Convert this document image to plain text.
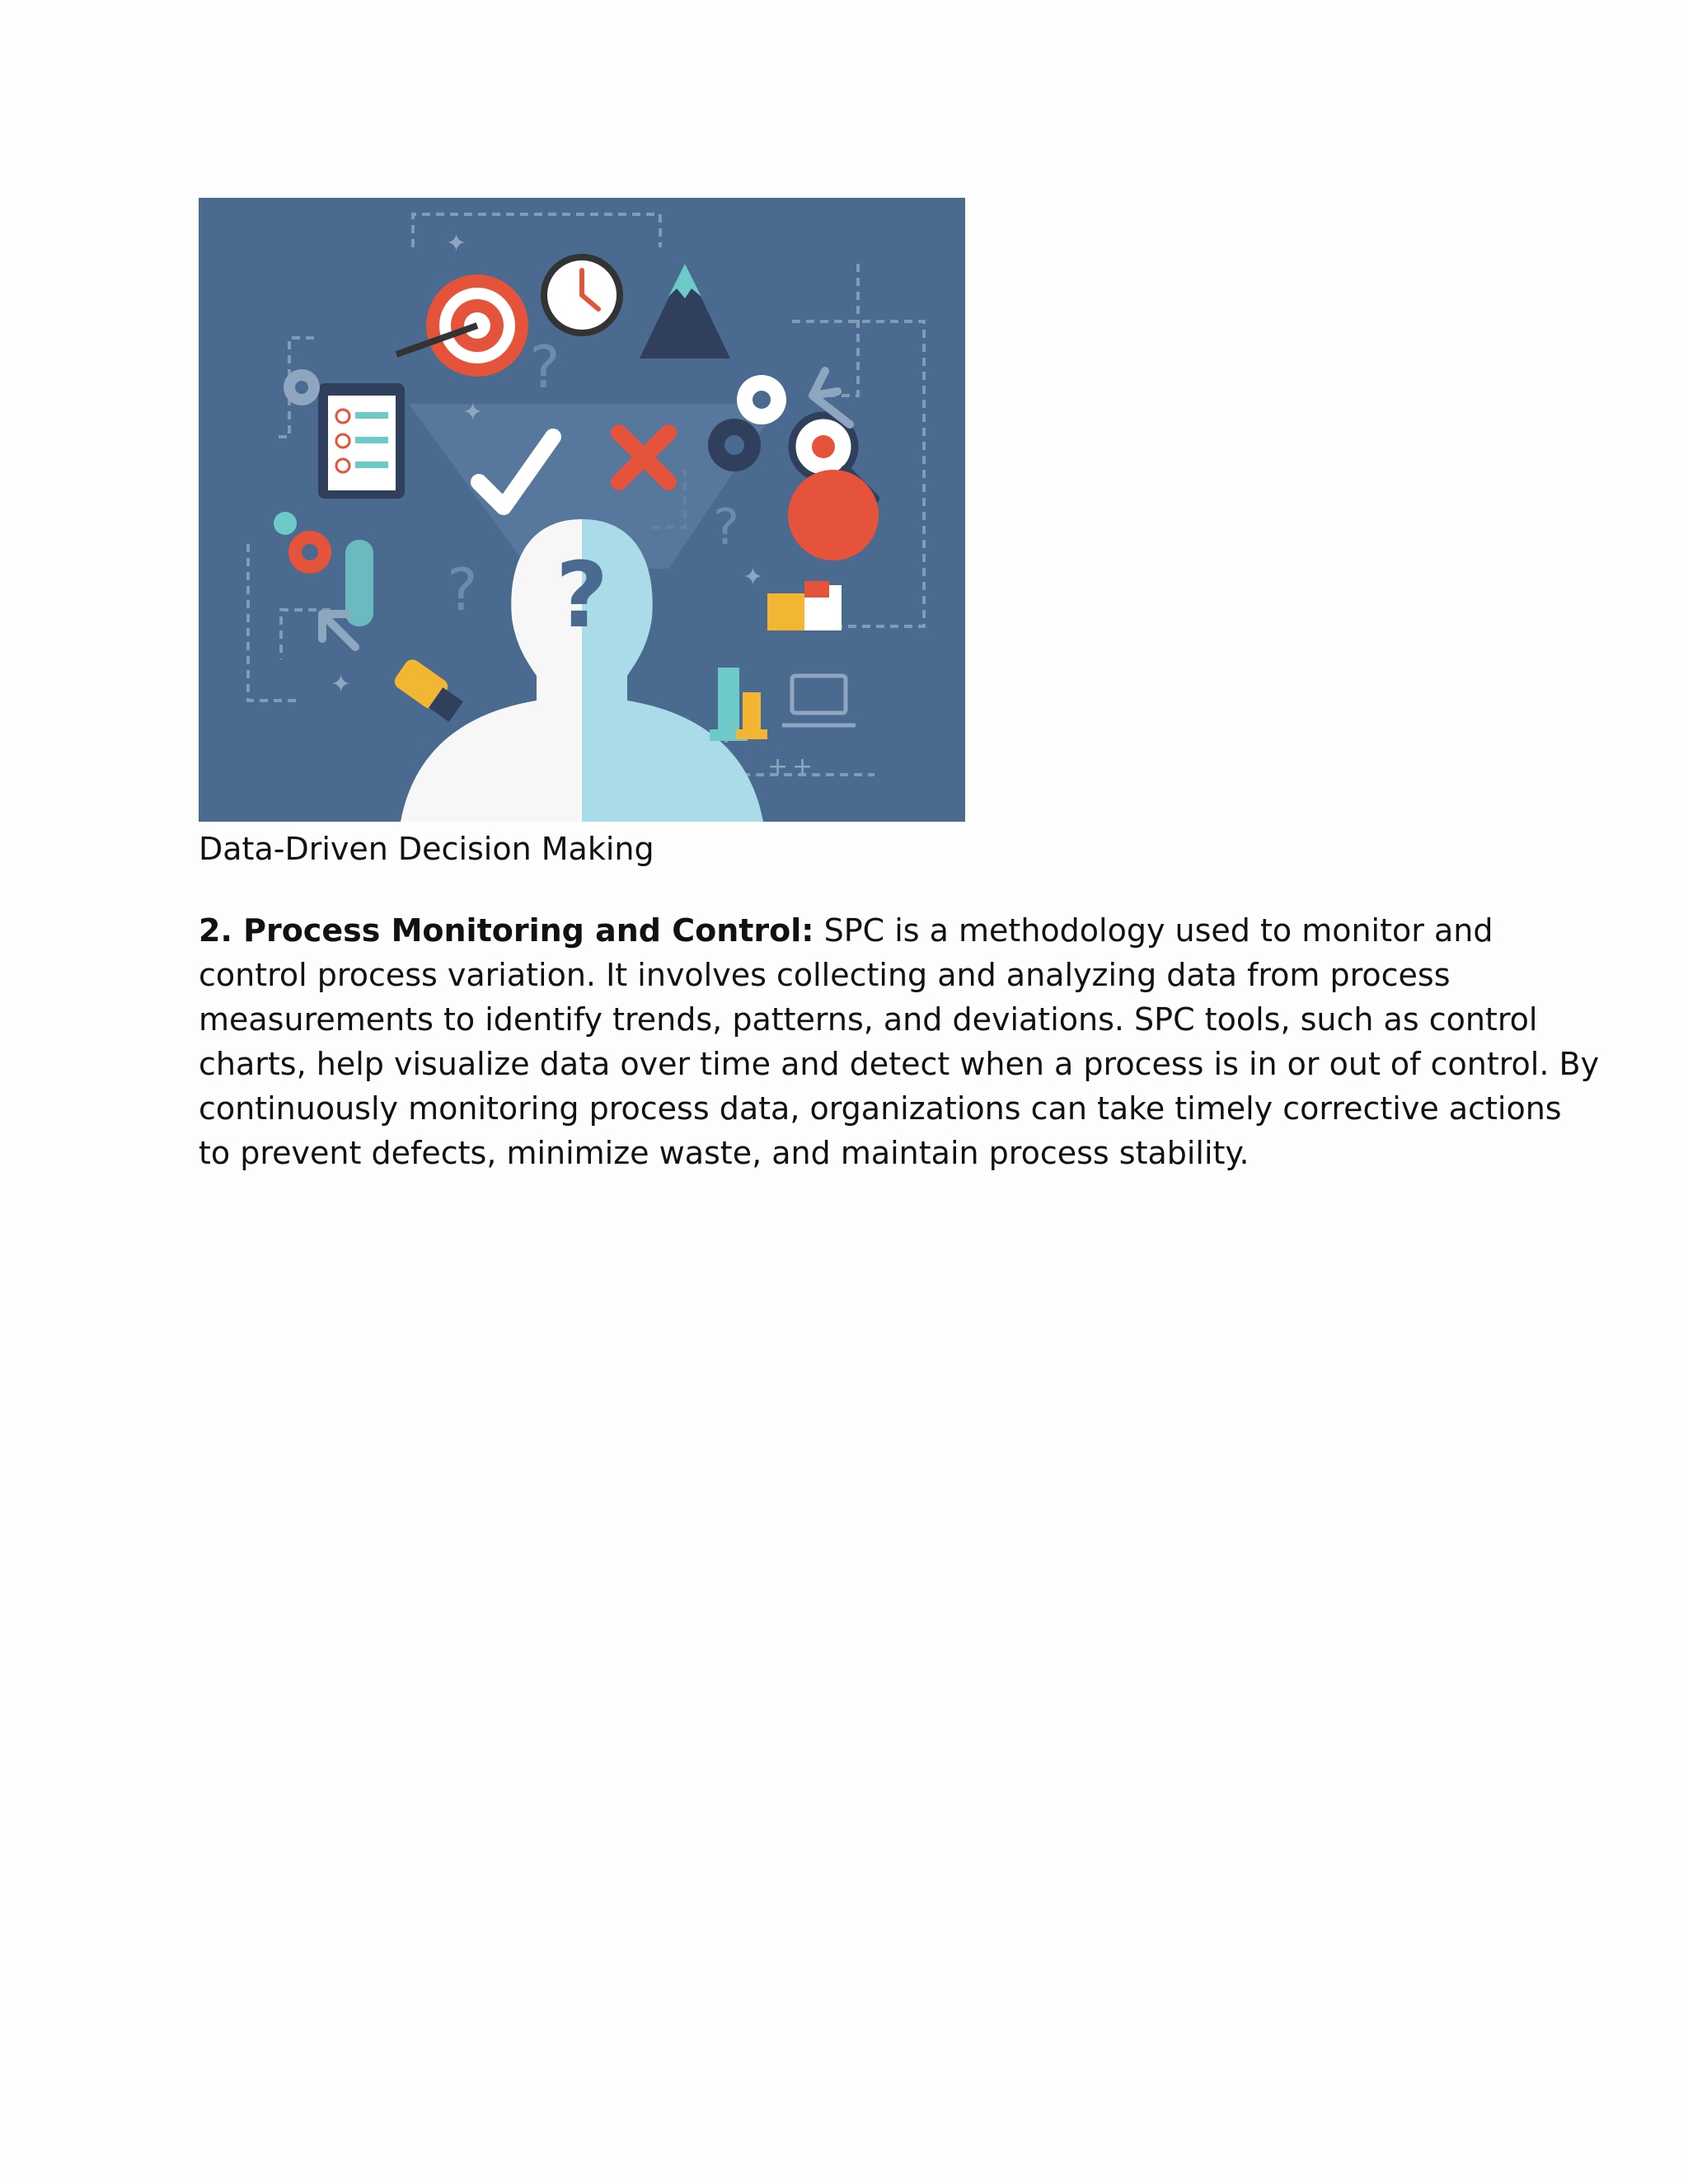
?
?
?
?
✦
✦
✦
+ +
✦
Data-Driven Decision Making
2. Process Monitoring and Control: SPC is a methodology used to monitor and
control process variation. It involves collecting and analyzing data from process
measurements to identify trends, patterns, and deviations. SPC tools, such as control
charts, help visualize data over time and detect when a process is in or out of control. By
continuously monitoring process data, organizations can take timely corrective actions
to prevent defects, minimize waste, and maintain process stability.
